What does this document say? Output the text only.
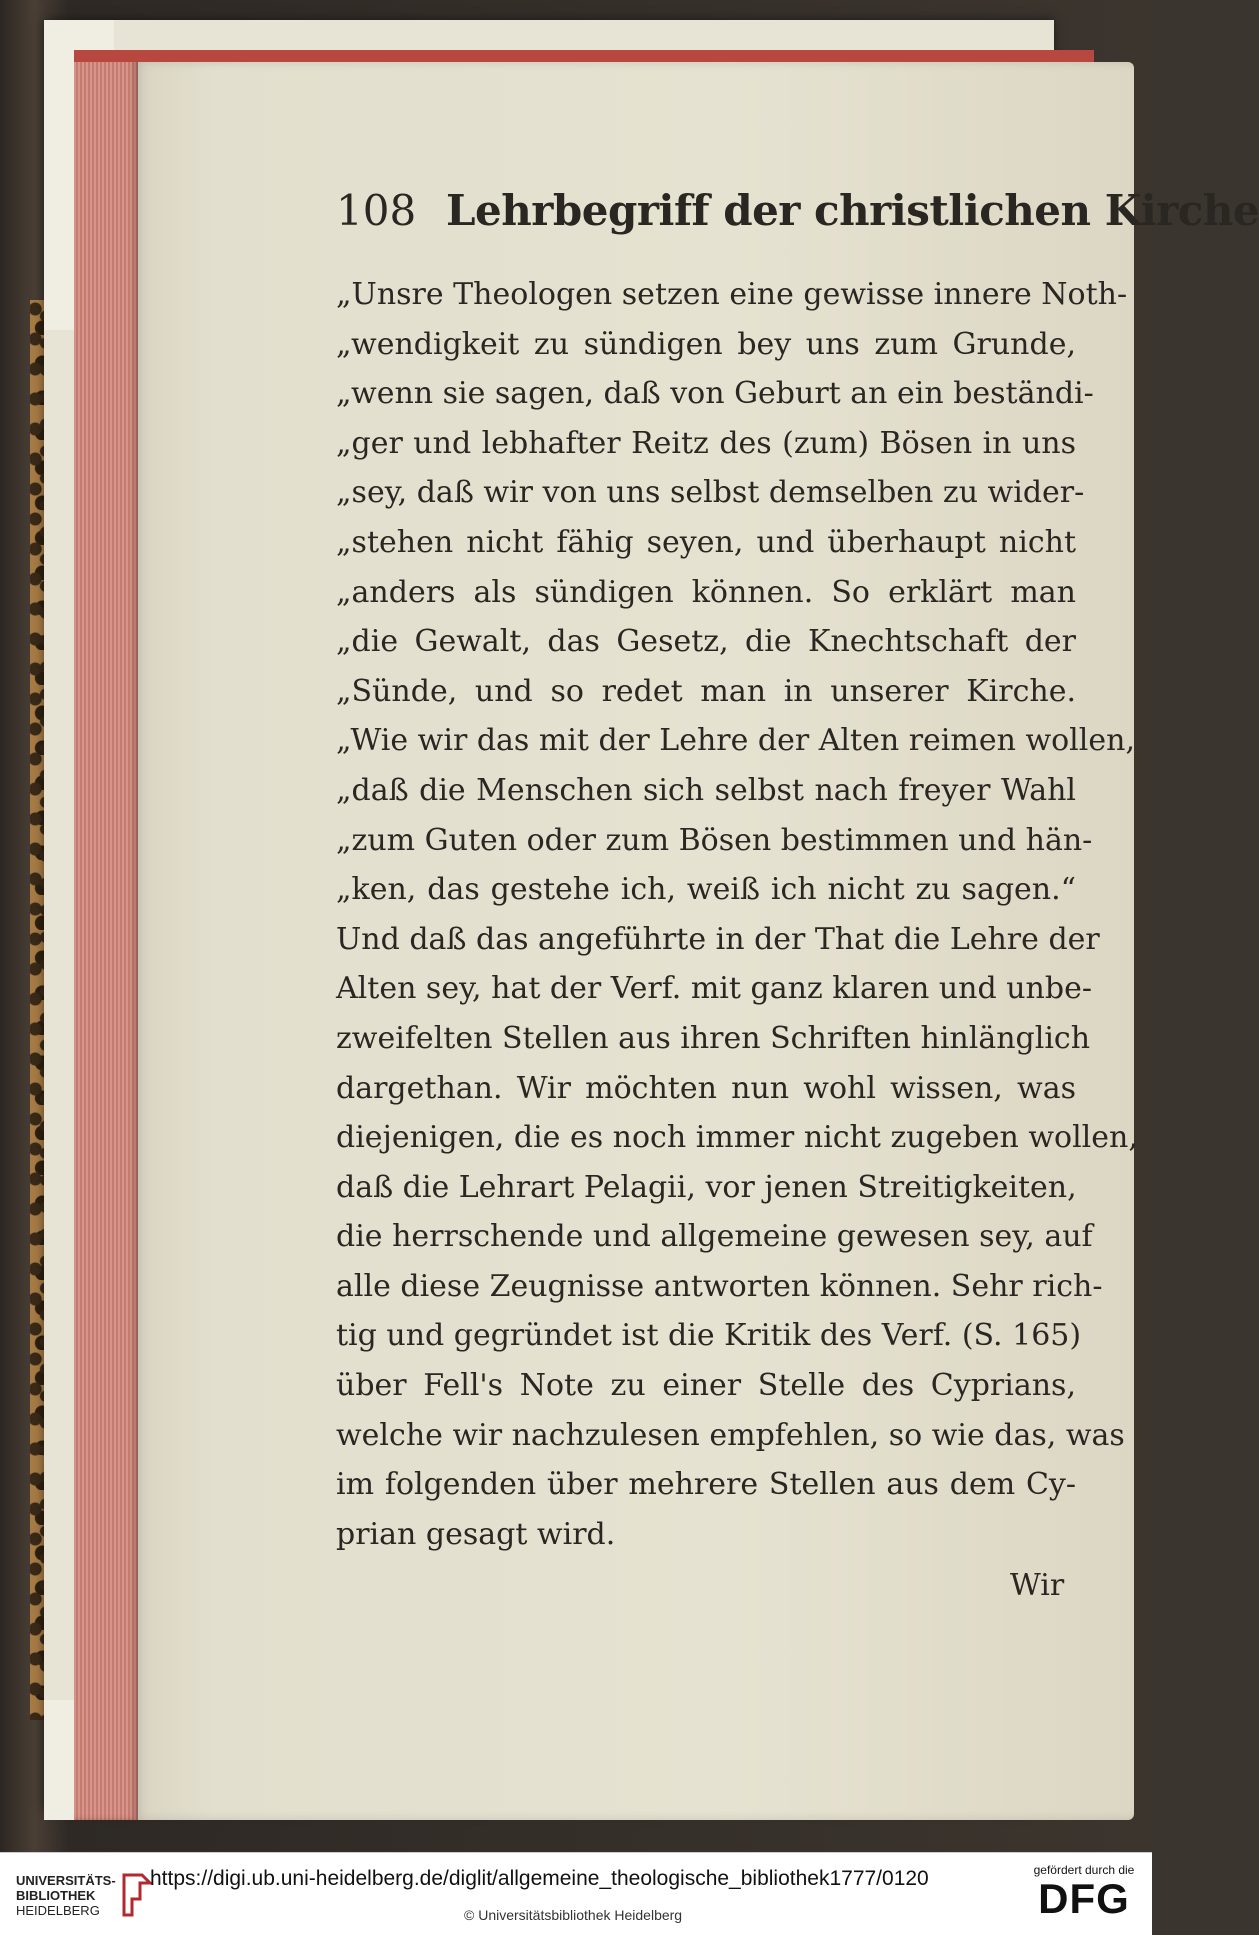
108 Lehrbegriff der christlichen Kirche
„Unsre Theologen setzen eine gewisse innere Noth-
„wendigkeit zu sündigen bey uns zum Grunde,
„wenn sie sagen, daß von Geburt an ein beständi-
„ger und lebhafter Reitz des (zum) Bösen in uns
„sey, daß wir von uns selbst demselben zu wider-
„stehen nicht fähig seyen, und überhaupt nicht
„anders als sündigen können. So erklärt man
„die Gewalt, das Gesetz, die Knechtschaft der
„Sünde, und so redet man in unserer Kirche.
„Wie wir das mit der Lehre der Alten reimen wollen,
„daß die Menschen sich selbst nach freyer Wahl
„zum Guten oder zum Bösen bestimmen und hän-
„ken, das gestehe ich, weiß ich nicht zu sagen.“
Und daß das angeführte in der That die Lehre der
Alten sey, hat der Verf. mit ganz klaren und unbe-
zweifelten Stellen aus ihren Schriften hinlänglich
dargethan. Wir möchten nun wohl wissen, was
diejenigen, die es noch immer nicht zugeben wollen,
daß die Lehrart Pelagii, vor jenen Streitigkeiten,
die herrschende und allgemeine gewesen sey, auf
alle diese Zeugnisse antworten können. Sehr rich-
tig und gegründet ist die Kritik des Verf. (S. 165)
über Fell's Note zu einer Stelle des Cyprians,
welche wir nachzulesen empfehlen, so wie das, was
im folgenden über mehrere Stellen aus dem Cy-
prian gesagt wird.
Wir
UNIVERSITÄTS-
BIBLIOTHEK
HEIDELBERG
https://digi.ub.uni-heidelberg.de/diglit/allgemeine_theologische_bibliothek1777/0120
© Universitätsbibliothek Heidelberg
gefördert durch die
DFG
